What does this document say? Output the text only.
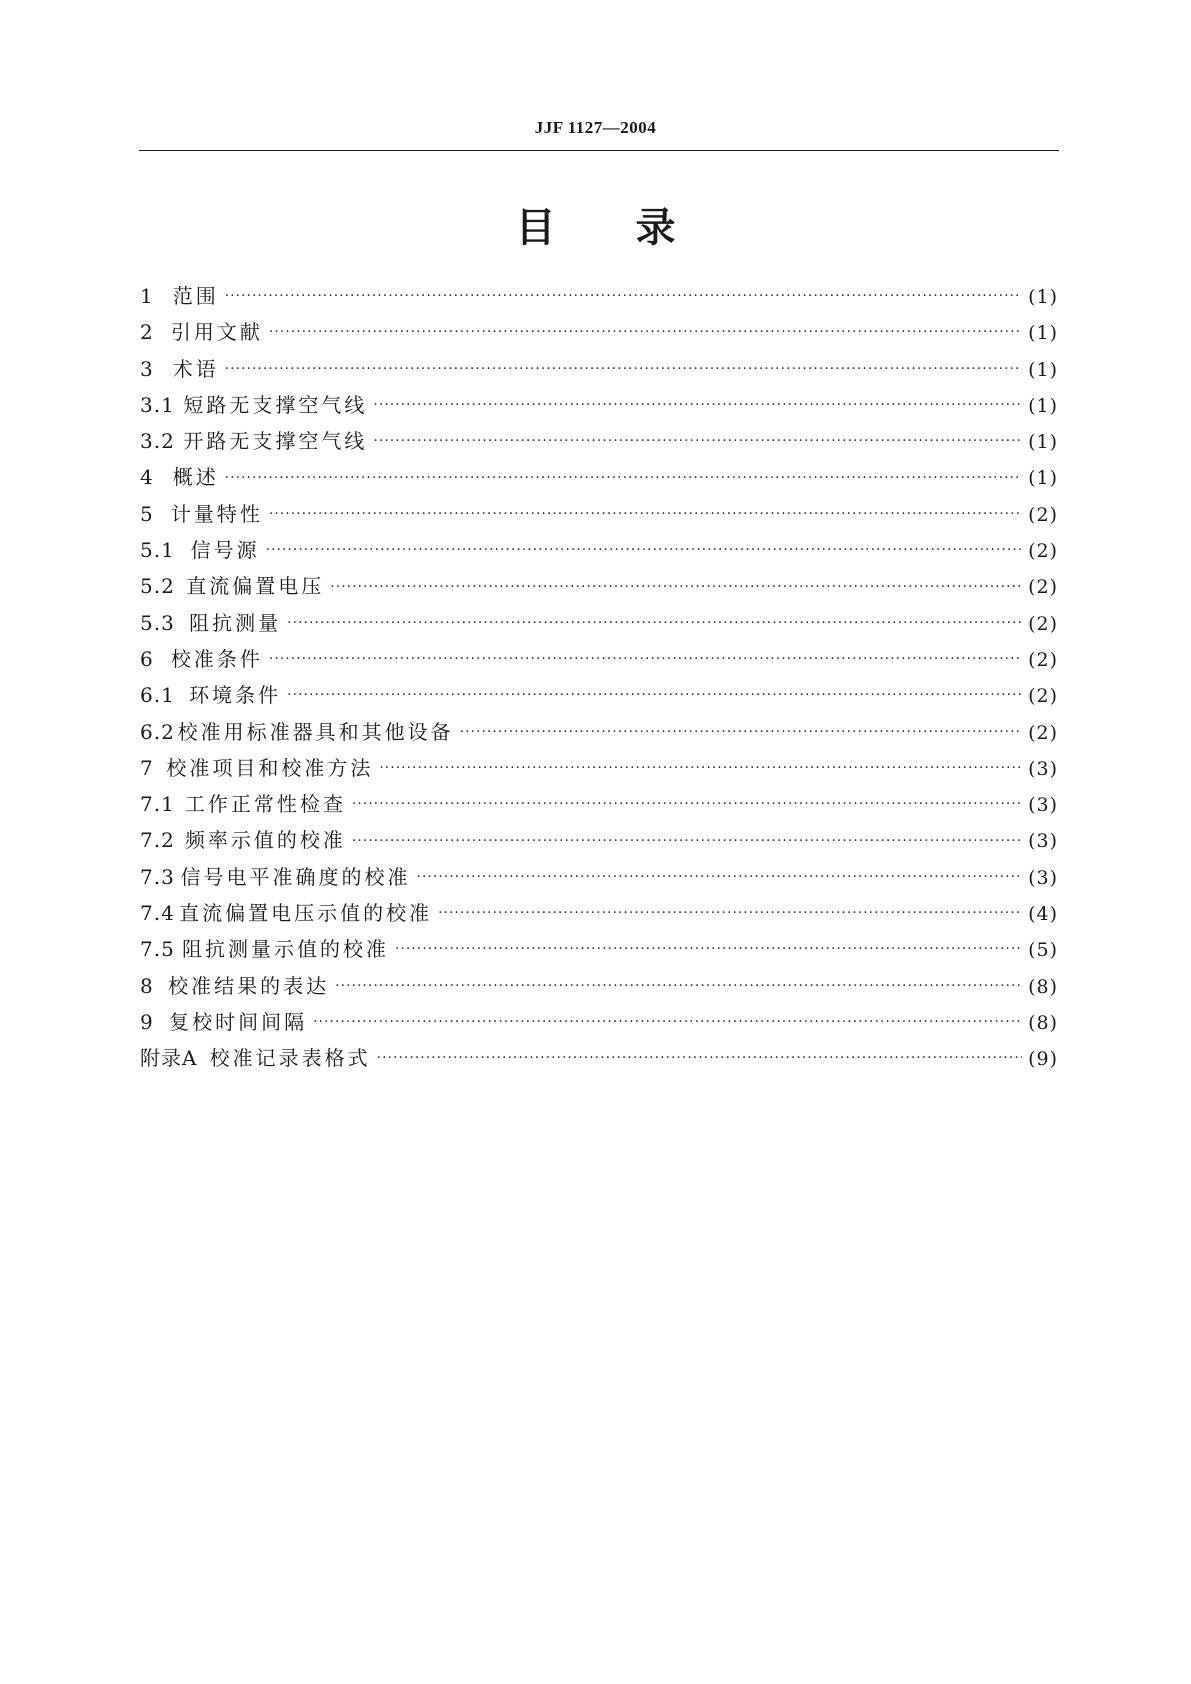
JJF 1127—2004
目 录
1 范围 ·····	(1)
2 引用文献 ·····	(1)
3 术语 ·····	(1)
3.1 短路无支撑空气线 ·····	(1)
3.2 开路无支撑空气线 ·····	(1)
4 概述 ·····	(1)
5 计量特性 ·····	(2)
5.1 信号源 ·····	(2)
5.2 直流偏置电压 ·····	(2)
5.3 阻抗测量 ·····	(2)
6 校准条件 ·····	(2)
6.1 环境条件 ·····	(2)
6.2 校准用标准器具和其他设备 ·····	(2)
7 校准项目和校准方法 ·····	(3)
7.1 工作正常性检查 ·····	(3)
7.2 频率示值的校准 ·····	(3)
7.3 信号电平准确度的校准 ·····	(3)
7.4 直流偏置电压示值的校准 ·····	(4)
7.5 阻抗测量示值的校准 ·····	(5)
8 校准结果的表达 ·····	(8)
9 复校时间间隔 ·····	(8)
附录A 校准记录表格式 ·····	(9)
